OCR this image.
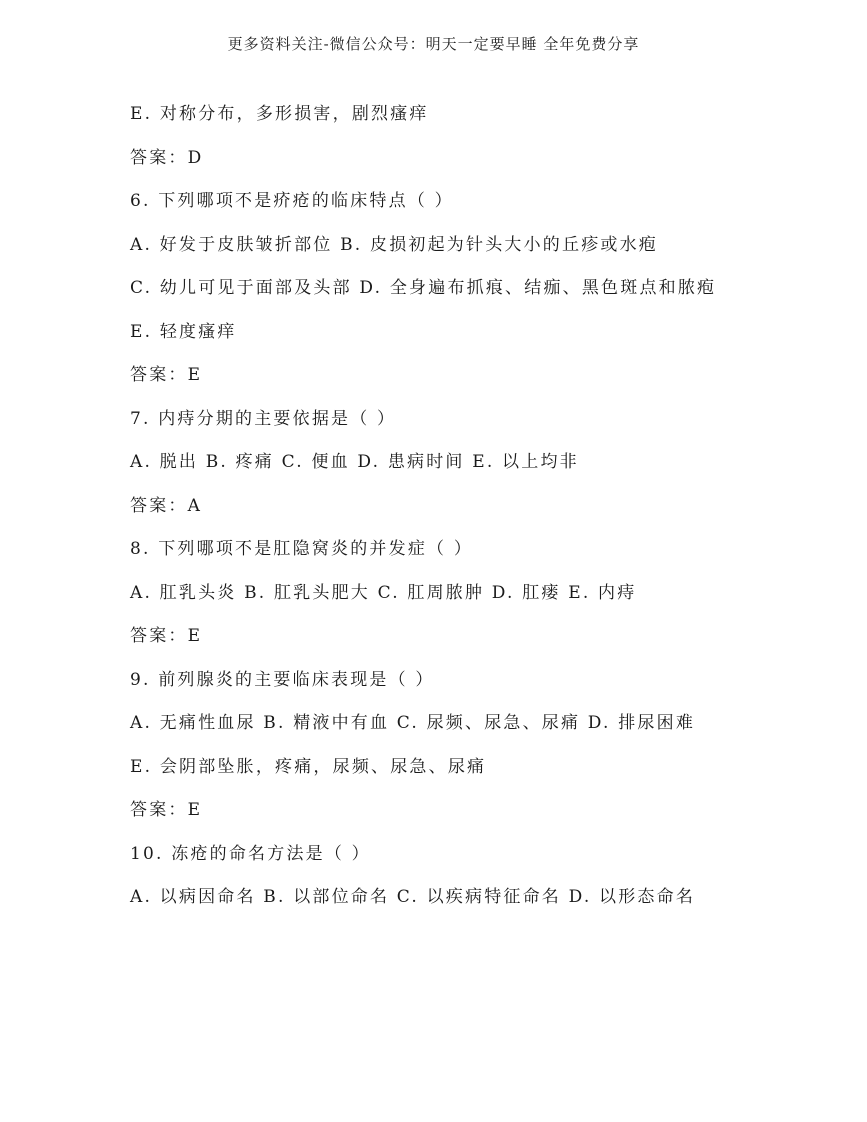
更多资料关注-微信公众号：明天一定要早睡 全年免费分享

E. 对称分布，多形损害，剧烈瘙痒

答案：D

6. 下列哪项不是疥疮的临床特点（ ）

A. 好发于皮肤皱折部位 B. 皮损初起为针头大小的丘疹或水疱

C. 幼儿可见于面部及头部 D. 全身遍布抓痕、结痂、黑色斑点和脓疱

E. 轻度瘙痒

答案：E

7. 内痔分期的主要依据是（ ）

A. 脱出 B. 疼痛 C. 便血 D. 患病时间 E. 以上均非

答案：A

8. 下列哪项不是肛隐窝炎的并发症（ ）

A. 肛乳头炎 B. 肛乳头肥大 C. 肛周脓肿 D. 肛瘘 E. 内痔

答案：E

9. 前列腺炎的主要临床表现是（ ）

A. 无痛性血尿 B. 精液中有血 C. 尿频、尿急、尿痛 D. 排尿困难

E. 会阴部坠胀，疼痛，尿频、尿急、尿痛

答案：E

10. 冻疮的命名方法是（ ）

A. 以病因命名 B. 以部位命名 C. 以疾病特征命名 D. 以形态命名
